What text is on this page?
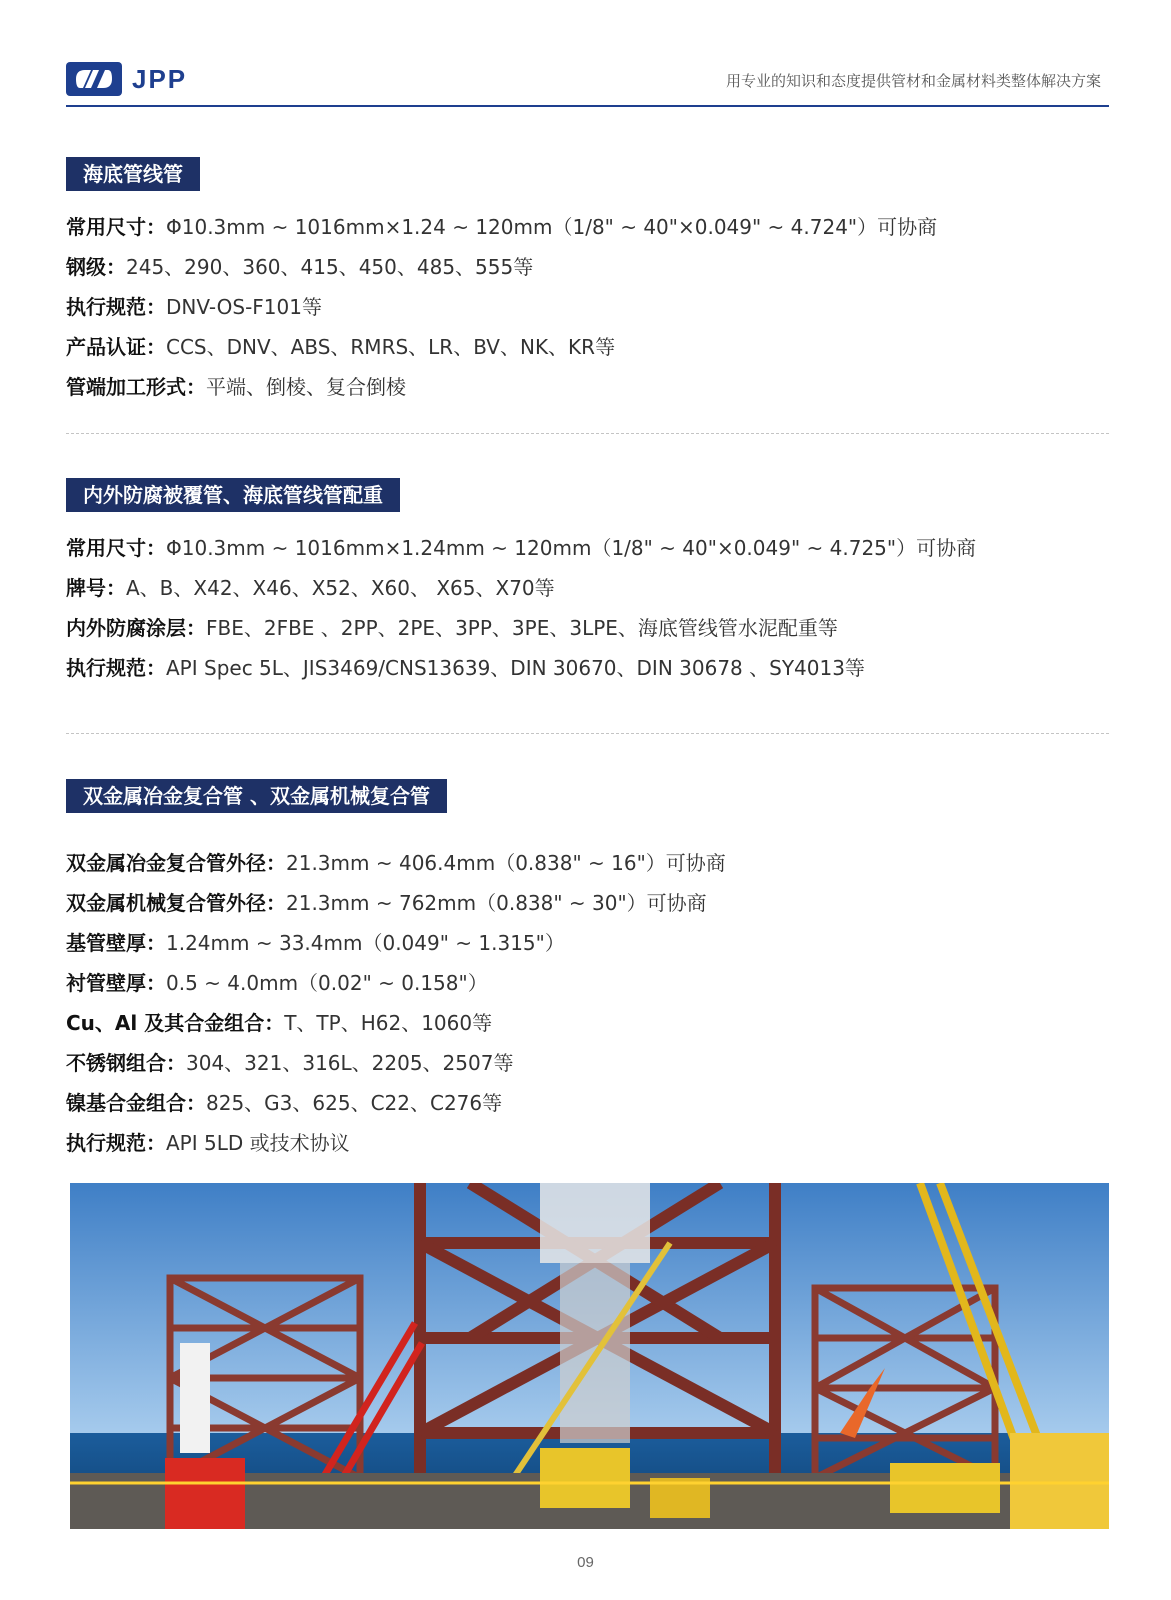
JPP	用专业的知识和态度提供管材和金属材料类整体解决方案
海底管线管
常用尺寸：Φ10.3mm ~ 1016mm×1.24 ~ 120mm（1/8" ~ 40"×0.049" ~ 4.724"）可协商
钢级：245、290、360、415、450、485、555等
执行规范：DNV-OS-F101等
产品认证：CCS、DNV、ABS、RMRS、LR、BV、NK、KR等
管端加工形式：平端、倒棱、复合倒棱
内外防腐被覆管、海底管线管配重
常用尺寸：Φ10.3mm ~ 1016mm×1.24mm ~ 120mm（1/8" ~ 40"×0.049" ~ 4.725"）可协商
牌号：A、B、X42、X46、X52、X60、 X65、X70等
内外防腐涂层：FBE、2FBE 、2PP、2PE、3PP、3PE、3LPE、海底管线管水泥配重等
执行规范：API Spec 5L、JIS3469/CNS13639、DIN 30670、DIN 30678 、SY4013等
双金属冶金复合管 、双金属机械复合管
双金属冶金复合管外径：21.3mm ~ 406.4mm（0.838" ~ 16"）可协商
双金属机械复合管外径：21.3mm ~ 762mm（0.838" ~ 30"）可协商
基管壁厚：1.24mm ~ 33.4mm（0.049" ~ 1.315"）
衬管壁厚：0.5 ~ 4.0mm（0.02" ~ 0.158"）
Cu、Al 及其合金组合：T、TP、H62、1060等
不锈钢组合：304、321、316L、2205、2507等
镍基合金组合：825、G3、625、C22、C276等
执行规范：API 5LD 或技术协议
09
